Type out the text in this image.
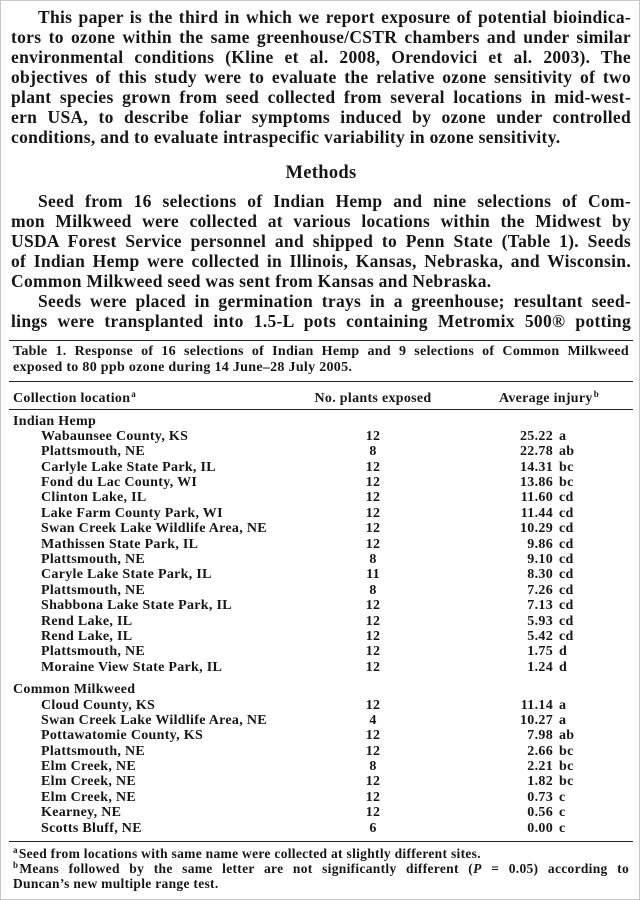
This paper is the third in which we report exposure of potential bioindica-
tors to ozone within the same greenhouse/CSTR chambers and under similar
environmental conditions (Kline et al. 2008, Orendovici et al. 2003). The
objectives of this study were to evaluate the relative ozone sensitivity of two
plant species grown from seed collected from several locations in mid-west-
ern USA, to describe foliar symptoms induced by ozone under controlled
conditions, and to evaluate intraspecific variability in ozone sensitivity.
Methods
Seed from 16 selections of Indian Hemp and nine selections of Com-
mon Milkweed were collected at various locations within the Midwest by
USDA Forest Service personnel and shipped to Penn State (Table 1). Seeds
of Indian Hemp were collected in Illinois, Kansas, Nebraska, and Wisconsin.
Common Milkweed seed was sent from Kansas and Nebraska.
Seeds were placed in germination trays in a greenhouse; resultant seed-
lings were transplanted into 1.5-L pots containing Metromix 500® potting
Table 1. Response of 16 selections of Indian Hemp and 9 selections of Common Milkweed
exposed to 80 ppb ozone during 14 June–28 July 2005.
Collection location$^a$	No. plants exposed	Average injury$^b$
Indian Hemp
Wabaunsee County, KS	12	25.22 a
Plattsmouth, NE	8	22.78 ab
Carlyle Lake State Park, IL	12	14.31 bc
Fond du Lac County, WI	12	13.86 bc
Clinton Lake, IL	12	11.60 cd
Lake Farm County Park, WI	12	11.44 cd
Swan Creek Lake Wildlife Area, NE	12	10.29 cd
Mathissen State Park, IL	12	9.86 cd
Plattsmouth, NE	8	9.10 cd
Caryle Lake State Park, IL	11	8.30 cd
Plattsmouth, NE	8	7.26 cd
Shabbona Lake State Park, IL	12	7.13 cd
Rend Lake, IL	12	5.93 cd
Rend Lake, IL	12	5.42 cd
Plattsmouth, NE	12	1.75 d
Moraine View State Park, IL	12	1.24 d
Common Milkweed
Cloud County, KS	12	11.14 a
Swan Creek Lake Wildlife Area, NE	4	10.27 a
Pottawatomie County, KS	12	7.98 ab
Plattsmouth, NE	12	2.66 bc
Elm Creek, NE	8	2.21 bc
Elm Creek, NE	12	1.82 bc
Elm Creek, NE	12	0.73 c
Kearney, NE	12	0.56 c
Scotts Bluff, NE	6	0.00 c
$^a$Seed from locations with same name were collected at slightly different sites.
$^b$Means followed by the same letter are not significantly different (P = 0.05) according to
Duncan’s new multiple range test.
